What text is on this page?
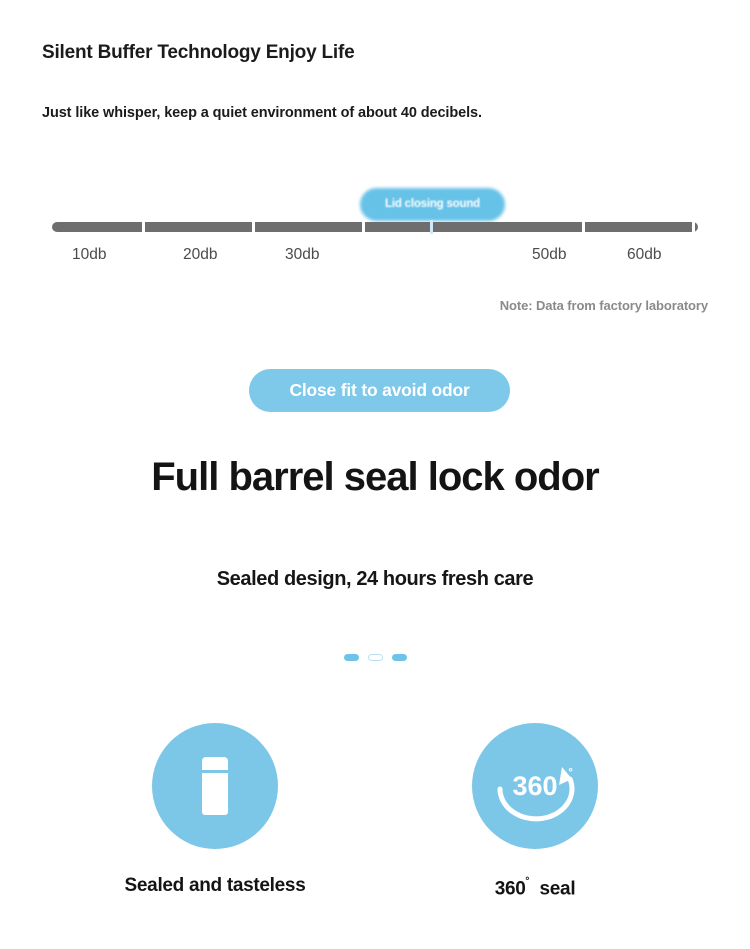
Silent Buffer Technology Enjoy Life
Just like whisper, keep a quiet environment of about 40 decibels.
Lid closing sound
10db	20db	30db	50db	60db
Note: Data from factory laboratory
Close fit to avoid odor
Full barrel seal lock odor
Sealed design, 24 hours fresh care
Sealed and tasteless
360 ˚
360˚ seal
